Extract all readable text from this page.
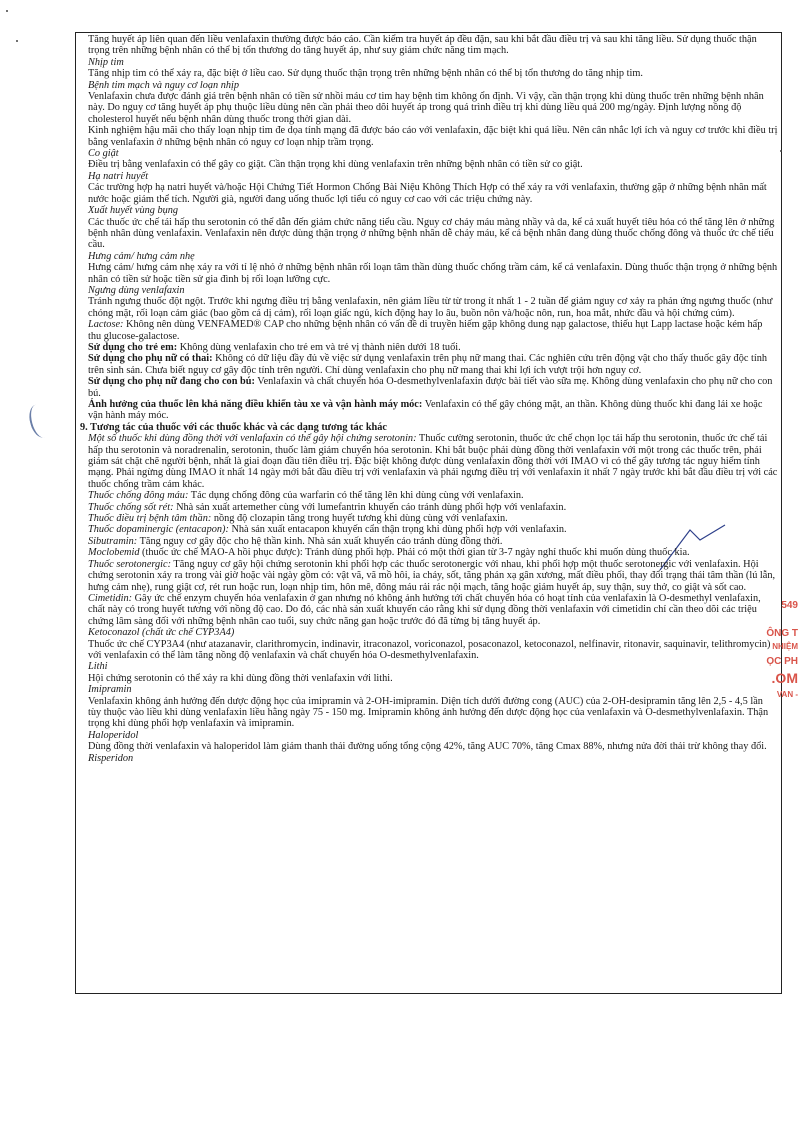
Tăng huyết áp liên quan đến liều venlafaxin thường được báo cáo. Cần kiểm tra huyết áp đều đặn, sau khi bắt đầu điều trị và sau khi tăng liều. Sử dụng thuốc thận trọng trên những bệnh nhân có thể bị tổn thương do tăng huyết áp, như suy giảm chức năng tim mạch.

Nhịp tim

Tăng nhịp tim có thể xảy ra, đặc biệt ở liều cao. Sử dụng thuốc thận trọng trên những bệnh nhân có thể bị tổn thương do tăng nhịp tim.

Bệnh tim mạch và nguy cơ loạn nhịp

Venlafaxin chưa được đánh giá trên bệnh nhân có tiền sử nhồi máu cơ tim hay bệnh tim không ổn định. Vì vậy, cần thận trọng khi dùng thuốc trên những bệnh nhân này. Do nguy cơ tăng huyết áp phụ thuộc liều dùng nên cần phải theo dõi huyết áp trong quá trình điều trị khi dùng liều quá 200 mg/ngày. Định lượng nồng độ cholesterol huyết nếu bệnh nhân dùng thuốc trong thời gian dài.

Kinh nghiệm hậu mãi cho thấy loạn nhịp tim đe dọa tính mạng đã được báo cáo với venlafaxin, đặc biệt khi quá liều. Nên cân nhắc lợi ích và nguy cơ trước khi điều trị bằng venlafaxin ở những bệnh nhân có nguy cơ loạn nhịp trầm trọng.

Co giật

Điều trị bằng venlafaxin có thể gây co giật. Cần thận trọng khi dùng venlafaxin trên những bệnh nhân có tiền sử co giật.

Hạ natri huyết

Các trường hợp hạ natri huyết và/hoặc Hội Chứng Tiết Hormon Chống Bài Niệu Không Thích Hợp có thể xảy ra với venlafaxin, thường gặp ở những bệnh nhân mất nước hoặc giảm thể tích. Người già, người đang uống thuốc lợi tiểu có nguy cơ cao với các triệu chứng này.

Xuất huyết vùng bụng

Các thuốc ức chế tái hấp thu serotonin có thể dẫn đến giảm chức năng tiểu cầu. Nguy cơ chảy máu màng nhầy và da, kể cả xuất huyết tiêu hóa có thể tăng lên ở những bệnh nhân dùng venlafaxin. Venlafaxin nên được dùng thận trọng ở những bệnh nhân dễ chảy máu, kể cả bệnh nhân đang dùng thuốc chống đông và thuốc ức chế tiểu cầu.

Hưng cảm/ hưng cảm nhẹ

Hưng cảm/ hưng cảm nhẹ xảy ra với tỉ lệ nhỏ ở những bệnh nhân rối loạn tâm thần dùng thuốc chống trầm cảm, kể cả venlafaxin. Dùng thuốc thận trọng ở những bệnh nhân có tiền sử hoặc tiền sử gia đình bị rối loạn lưỡng cực.

Ngưng dùng venlafaxin

Tránh ngưng thuốc đột ngột. Trước khi ngưng điều trị bằng venlafaxin, nên giảm liều từ từ trong ít nhất 1 - 2 tuần để giảm nguy cơ xảy ra phản ứng ngưng thuốc (như chóng mặt, rối loạn cảm giác (bao gồm cả dị cảm), rối loạn giấc ngủ, kích động hay lo âu, buồn nôn và/hoặc nôn, run, hoa mắt, nhức đầu và hội chứng cúm).

Lactose: Không nên dùng VENFAMED® CAP cho những bệnh nhân có vấn đề di truyền hiếm gặp không dung nạp galactose, thiếu hụt Lapp lactase hoặc kém hấp thu glucose-galactose.

Sử dụng cho trẻ em: Không dùng venlafaxin cho trẻ em và trẻ vị thành niên dưới 18 tuổi.

Sử dụng cho phụ nữ có thai: Không có dữ liệu đầy đủ về việc sử dụng venlafaxin trên phụ nữ mang thai. Các nghiên cứu trên động vật cho thấy thuốc gây độc tính trên sinh sản. Chưa biết nguy cơ gây độc tính trên người. Chỉ dùng venlafaxin cho phụ nữ mang thai khi lợi ích vượt trội hơn nguy cơ.

Sử dụng cho phụ nữ đang cho con bú: Venlafaxin và chất chuyển hóa O-desmethylvenlafaxin được bài tiết vào sữa mẹ. Không dùng venlafaxin cho phụ nữ cho con bú.

Ảnh hưởng của thuốc lên khả năng điều khiển tàu xe và vận hành máy móc: Venlafaxin có thể gây chóng mặt, an thần. Không dùng thuốc khi đang lái xe hoặc vận hành máy móc.

9. Tương tác của thuốc với các thuốc khác và các dạng tương tác khác

Một số thuốc khi dùng đồng thời với venlafaxin có thể gây hội chứng serotonin: Thuốc cường serotonin, thuốc ức chế chọn lọc tái hấp thu serotonin, thuốc ức chế tái hấp thu serotonin và noradrenalin, serotonin, thuốc làm giảm chuyển hóa serotonin. Khi bắt buộc phải dùng đồng thời venlafaxin với một trong các thuốc trên, phải giám sát chặt chẽ người bệnh, nhất là giai đoạn đầu tiên điều trị. Đặc biệt không được dùng venlafaxin đồng thời với IMAO vì có thể gây tương tác nguy hiểm tính mạng. Phải ngừng dùng IMAO ít nhất 14 ngày mới bắt đầu điều trị với venlafaxin và phải ngưng điều trị với venlafaxin ít nhất 7 ngày trước khi bắt đầu điều trị với các thuốc chống trầm cảm khác.

Thuốc chống đông máu: Tác dụng chống đông của warfarin có thể tăng lên khi dùng cùng với venlafaxin.

Thuốc chống sốt rét: Nhà sản xuất artemether cùng với lumefantrin khuyến cáo tránh dùng phối hợp với venlafaxin.

Thuốc điều trị bệnh tâm thần: nồng độ clozapin tăng trong huyết tương khi dùng cùng với venlafaxin.

Thuốc dopaminergic (entacapon): Nhà sản xuất entacapon khuyến cẩn thận trọng khi dùng phối hợp với venlafaxin.

Sibutramin: Tăng nguy cơ gây độc cho hệ thần kinh. Nhà sản xuất khuyến cáo tránh dùng đồng thời.

Moclobemid (thuốc ức chế MAO-A hồi phục được): Tránh dùng phối hợp. Phải có một thời gian từ 3-7 ngày nghỉ thuốc khi muốn dùng thuốc kia.

Thuốc serotonergic: Tăng nguy cơ gây hội chứng serotonin khi phối hợp các thuốc serotonergic với nhau, khi phối hợp một thuốc serotonergic với venlafaxin. Hội chứng serotonin xảy ra trong vài giờ hoặc vài ngày gồm có: vật vã, vã mồ hôi, ỉa chảy, sốt, tăng phản xạ gân xương, mất điều phối, thay đổi trạng thái tâm thần (lú lẫn, hưng cảm nhẹ), rung giật cơ, rét run hoặc run, loạn nhịp tim, hôn mê, đông máu rải rác nội mạch, tăng hoặc giảm huyết áp, suy thận, suy thở, co giật và sốt cao.

Cimetidin: Gây ức chế enzym chuyển hóa venlafaxin ở gan nhưng nó không ảnh hưởng tới chất chuyển hóa có hoạt tính của venlafaxin là O-desmethyl venlafaxin, chất này có trong huyết tương với nồng độ cao. Do đó, các nhà sản xuất khuyến cáo rằng khi sử dụng đồng thời venlafaxin với cimetidin chỉ cần theo dõi các triệu chứng lâm sàng đối với những bệnh nhân cao tuổi, suy chức năng gan hoặc trước đó đã từng bị tăng huyết áp.

Ketoconazol (chất ức chế CYP3A4)

Thuốc ức chế CYP3A4 (như atazanavir, clarithromycin, indinavir, itraconazol, voriconazol, posaconazol, ketoconazol, nelfinavir, ritonavir, saquinavir, telithromycin) với venlafaxin có thể làm tăng nồng độ venlafaxin và chất chuyển hóa O-desmethylvenlafaxin.

Lithi

Hội chứng serotonin có thể xảy ra khi dùng đồng thời venlafaxin với lithi.

Imipramin

Venlafaxin không ảnh hưởng đến dược động học của imipramin và 2-OH-imipramin. Diện tích dưới đường cong (AUC) của 2-OH-desipramin tăng lên 2,5 - 4,5 lần tùy thuộc vào liều khi dùng venlafaxin liều hằng ngày 75 - 150 mg. Imipramin không ảnh hưởng đến dược động học của venlafaxin và O-desmethylvenlafaxin. Thận trọng khi dùng phối hợp venlafaxin và imipramin.

Haloperidol

Dùng đồng thời venlafaxin và haloperidol làm giảm thanh thải đường uống tổng cộng 42%, tăng AUC 70%, tăng Cmax 88%, nhưng nửa đời thải trừ không thay đổi.

Risperidon

549
ÔNG T
NHIỆM
ỌC PH
.OM
VAN -
